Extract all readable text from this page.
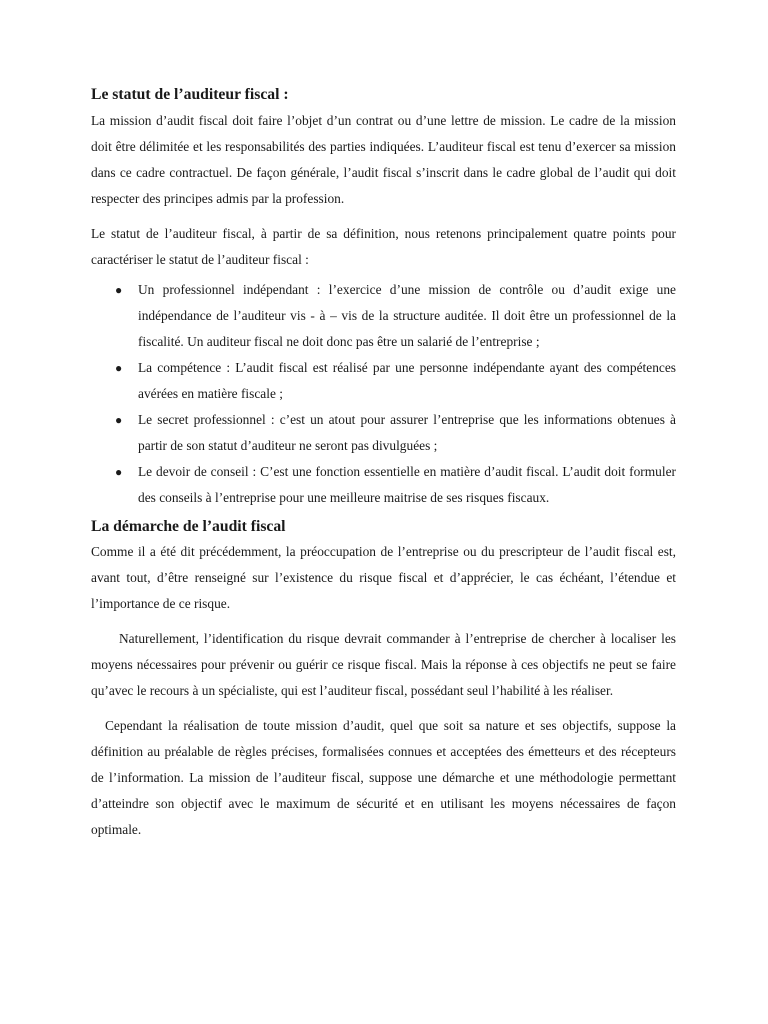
Le statut de l’auditeur fiscal :

La mission d’audit fiscal doit faire l’objet d’un contrat ou d’une lettre de mission. Le cadre de la mission doit être délimitée et les responsabilités des parties indiquées. L’auditeur fiscal est tenu d’exercer sa mission dans ce cadre contractuel. De façon générale, l’audit fiscal s’inscrit dans le cadre global de l’audit qui doit respecter des principes admis par la profession.

Le statut de l’auditeur fiscal, à partir de sa définition, nous retenons principalement quatre points pour caractériser le statut de l’auditeur fiscal :

● Un professionnel indépendant : l’exercice d’une mission de contrôle ou d’audit exige une indépendance de l’auditeur vis - à – vis de la structure auditée. Il doit être un professionnel de la fiscalité. Un auditeur fiscal ne doit donc pas être un salarié de l’entreprise ;
● La compétence : L’audit fiscal est réalisé par une personne indépendante ayant des compétences avérées en matière fiscale ;
● Le secret professionnel : c’est un atout pour assurer l’entreprise que les informations obtenues à partir de son statut d’auditeur ne seront pas divulguées ;
● Le devoir de conseil : C’est une fonction essentielle en matière d’audit fiscal. L’audit doit formuler des conseils à l’entreprise pour une meilleure maitrise de ses risques fiscaux.
La démarche de l’audit fiscal

Comme il a été dit précédemment, la préoccupation de l’entreprise ou du prescripteur de l’audit fiscal est, avant tout, d’être renseigné sur l’existence du risque fiscal et d’apprécier, le cas échéant, l’étendue et l’importance de ce risque.

Naturellement, l’identification du risque devrait commander à l’entreprise de chercher à localiser les moyens nécessaires pour prévenir ou guérir ce risque fiscal. Mais la réponse à ces objectifs ne peut se faire qu’avec le recours à un spécialiste, qui est l’auditeur fiscal, possédant seul l’habilité à les réaliser.

Cependant la réalisation de toute mission d’audit, quel que soit sa nature et ses objectifs, suppose la définition au préalable de règles précises, formalisées connues et acceptées des émetteurs et des récepteurs de l’information. La mission de l’auditeur fiscal, suppose une démarche et une méthodologie permettant d’atteindre son objectif avec le maximum de sécurité et en utilisant les moyens nécessaires de façon optimale.
